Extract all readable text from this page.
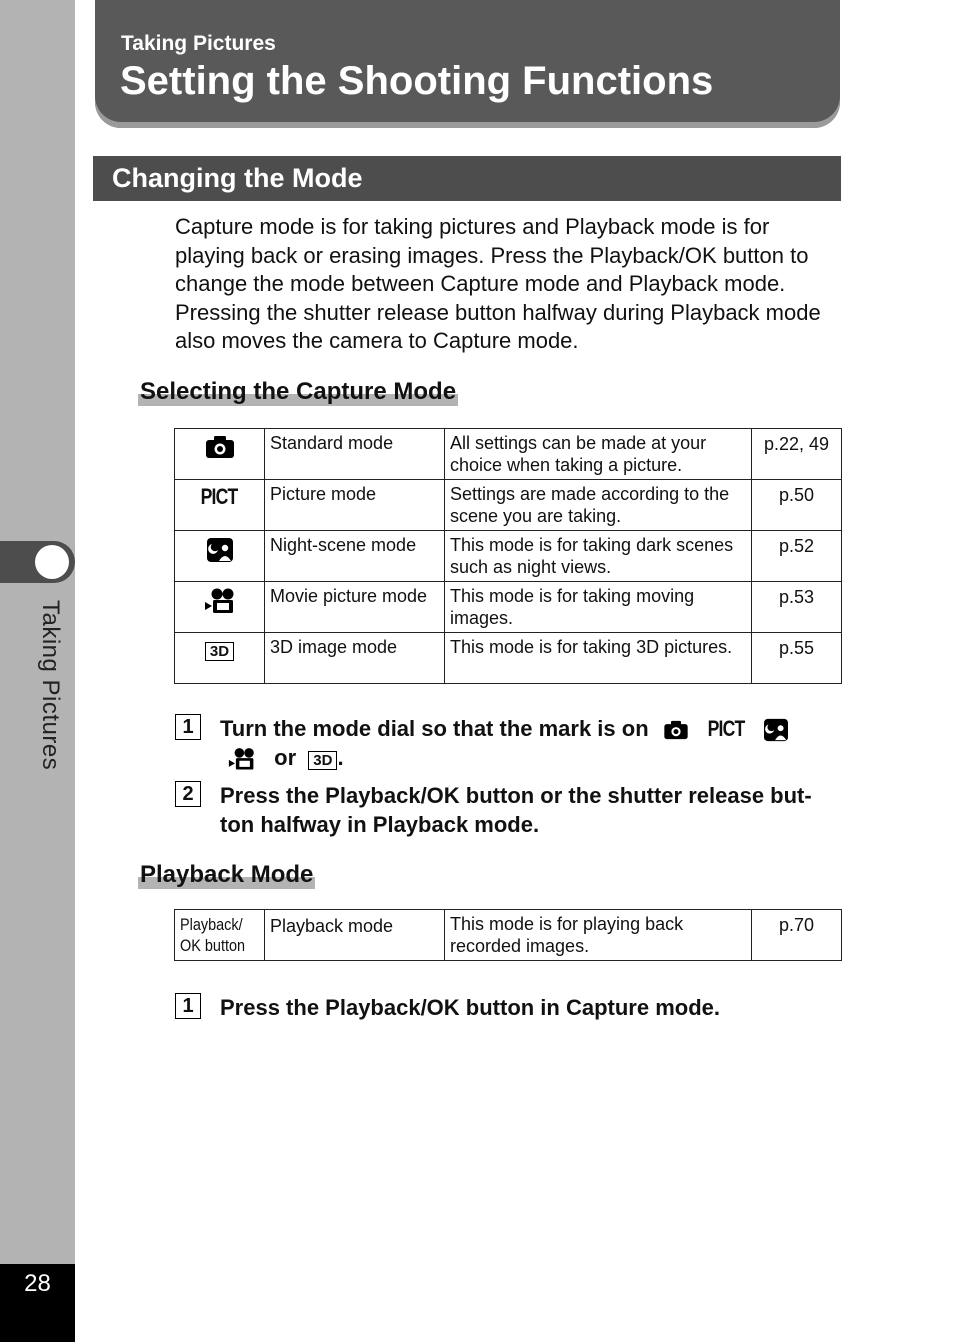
Taking Pictures
28
Taking Pictures
Setting the Shooting Functions
Changing the Mode

Capture mode is for taking pictures and Playback mode is for playing back or erasing images. Press the Playback/OK button to change the mode between Capture mode and Playback mode. Pressing the shutter release button halfway during Playback mode also moves the camera to Capture mode.

Selecting the Capture Mode
	Standard mode	All settings can be made at your choice when taking a picture.	p.22, 49
PICT	Picture mode	Settings are made according to the scene you are taking.	p.50
	Night-scene mode	This mode is for taking dark scenes such as night views.	p.52
	Movie picture mode	This mode is for taking moving images.	p.53
3D	3D image mode	This mode is for taking 3D pictures.	p.55
1	Turn the mode dial so that the mark is on	PICT
or 3D .
2	Press the Playback/OK button or the shutter release but-ton halfway in Playback mode.
Playback Mode
Playback/
OK button	Playback mode	This mode is for playing back recorded images.	p.70
1	Press the Playback/OK button in Capture mode.
